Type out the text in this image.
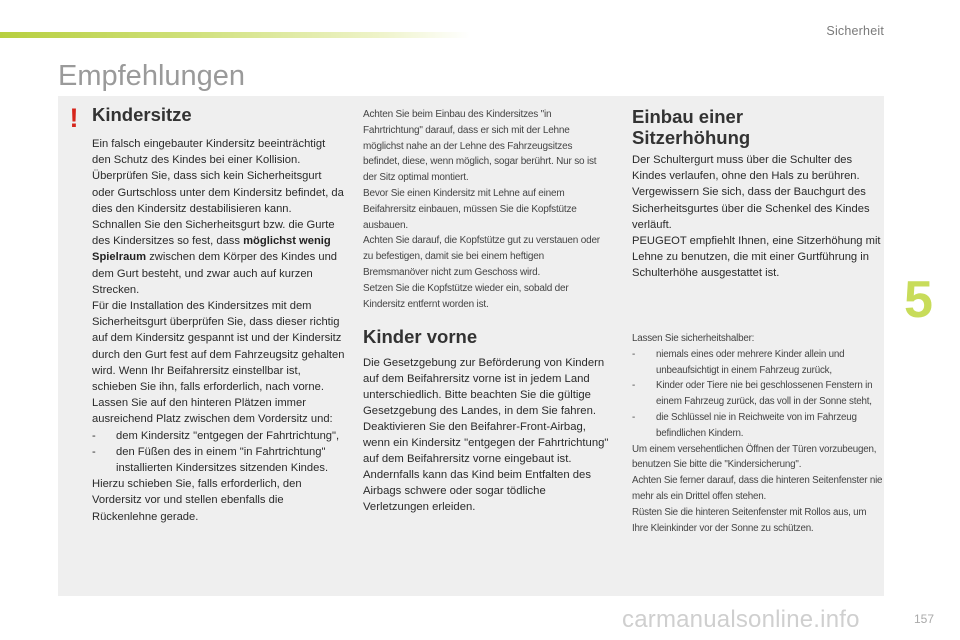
Sicherheit
Empfehlungen
! Kindersitze
Ein falsch eingebauter Kindersitz beeinträchtigt den Schutz des Kindes bei einer Kollision.
Überprüfen Sie, dass sich kein Sicherheitsgurt oder Gurtschloss unter dem Kindersitz befindet, da dies den Kindersitz destabilisieren kann.
Schnallen Sie den Sicherheitsgurt bzw. die Gurte des Kindersitzes so fest, dass möglichst wenig Spielraum zwischen dem Körper des Kindes und dem Gurt besteht, und zwar auch auf kurzen Strecken.
Für die Installation des Kindersitzes mit dem Sicherheitsgurt überprüfen Sie, dass dieser richtig auf dem Kindersitz gespannt ist und der Kindersitz durch den Gurt fest auf dem Fahrzeugsitz gehalten wird. Wenn Ihr Beifahrersitz einstellbar ist, schieben Sie ihn, falls erforderlich, nach vorne.
Lassen Sie auf den hinteren Plätzen immer ausreichend Platz zwischen dem Vordersitz und:
- dem Kindersitz "entgegen der Fahrtrichtung",
- den Füßen des in einem "in Fahrtrichtung" installierten Kindersitzes sitzenden Kindes.
Hierzu schieben Sie, falls erforderlich, den Vordersitz vor und stellen ebenfalls die Rückenlehne gerade.
Achten Sie beim Einbau des Kindersitzes "in Fahrtrichtung" darauf, dass er sich mit der Lehne möglichst nahe an der Lehne des Fahrzeugsitzes befindet, diese, wenn möglich, sogar berührt. Nur so ist der Sitz optimal montiert.
Bevor Sie einen Kindersitz mit Lehne auf einem Beifahrersitz einbauen, müssen Sie die Kopfstütze ausbauen.
Achten Sie darauf, die Kopfstütze gut zu verstauen oder zu befestigen, damit sie bei einem heftigen Bremsmanöver nicht zum Geschoss wird.
Setzen Sie die Kopfstütze wieder ein, sobald der Kindersitz entfernt worden ist.
Kinder vorne
Die Gesetzgebung zur Beförderung von Kindern auf dem Beifahrersitz vorne ist in jedem Land unterschiedlich. Bitte beachten Sie die gültige Gesetzgebung des Landes, in dem Sie fahren.
Deaktivieren Sie den Beifahrer-Front-Airbag, wenn ein Kindersitz "entgegen der Fahrtrichtung" auf dem Beifahrersitz vorne eingebaut ist. Andernfalls kann das Kind beim Entfalten des Airbags schwere oder sogar tödliche Verletzungen erleiden.
Einbau einer Sitzerhöhung
Der Schultergurt muss über die Schulter des Kindes verlaufen, ohne den Hals zu berühren.
Vergewissern Sie sich, dass der Bauchgurt des Sicherheitsgurtes über die Schenkel des Kindes verläuft.
PEUGEOT empfiehlt Ihnen, eine Sitzerhöhung mit Lehne zu benutzen, die mit einer Gurtführung in Schulterhöhe ausgestattet ist.
Lassen Sie sicherheitshalber:
- niemals eines oder mehrere Kinder allein und unbeaufsichtigt in einem Fahrzeug zurück,
- Kinder oder Tiere nie bei geschlossenen Fenstern in einem Fahrzeug zurück, das voll in der Sonne steht,
- die Schlüssel nie in Reichweite von im Fahrzeug befindlichen Kindern.
Um einem versehentlichen Öffnen der Türen vorzubeugen, benutzen Sie bitte die "Kindersicherung".
Achten Sie ferner darauf, dass die hinteren Seitenfenster nie mehr als ein Drittel offen stehen.
Rüsten Sie die hinteren Seitenfenster mit Rollos aus, um Ihre Kleinkinder vor der Sonne zu schützen.
5
carmanualsonline.info	157
